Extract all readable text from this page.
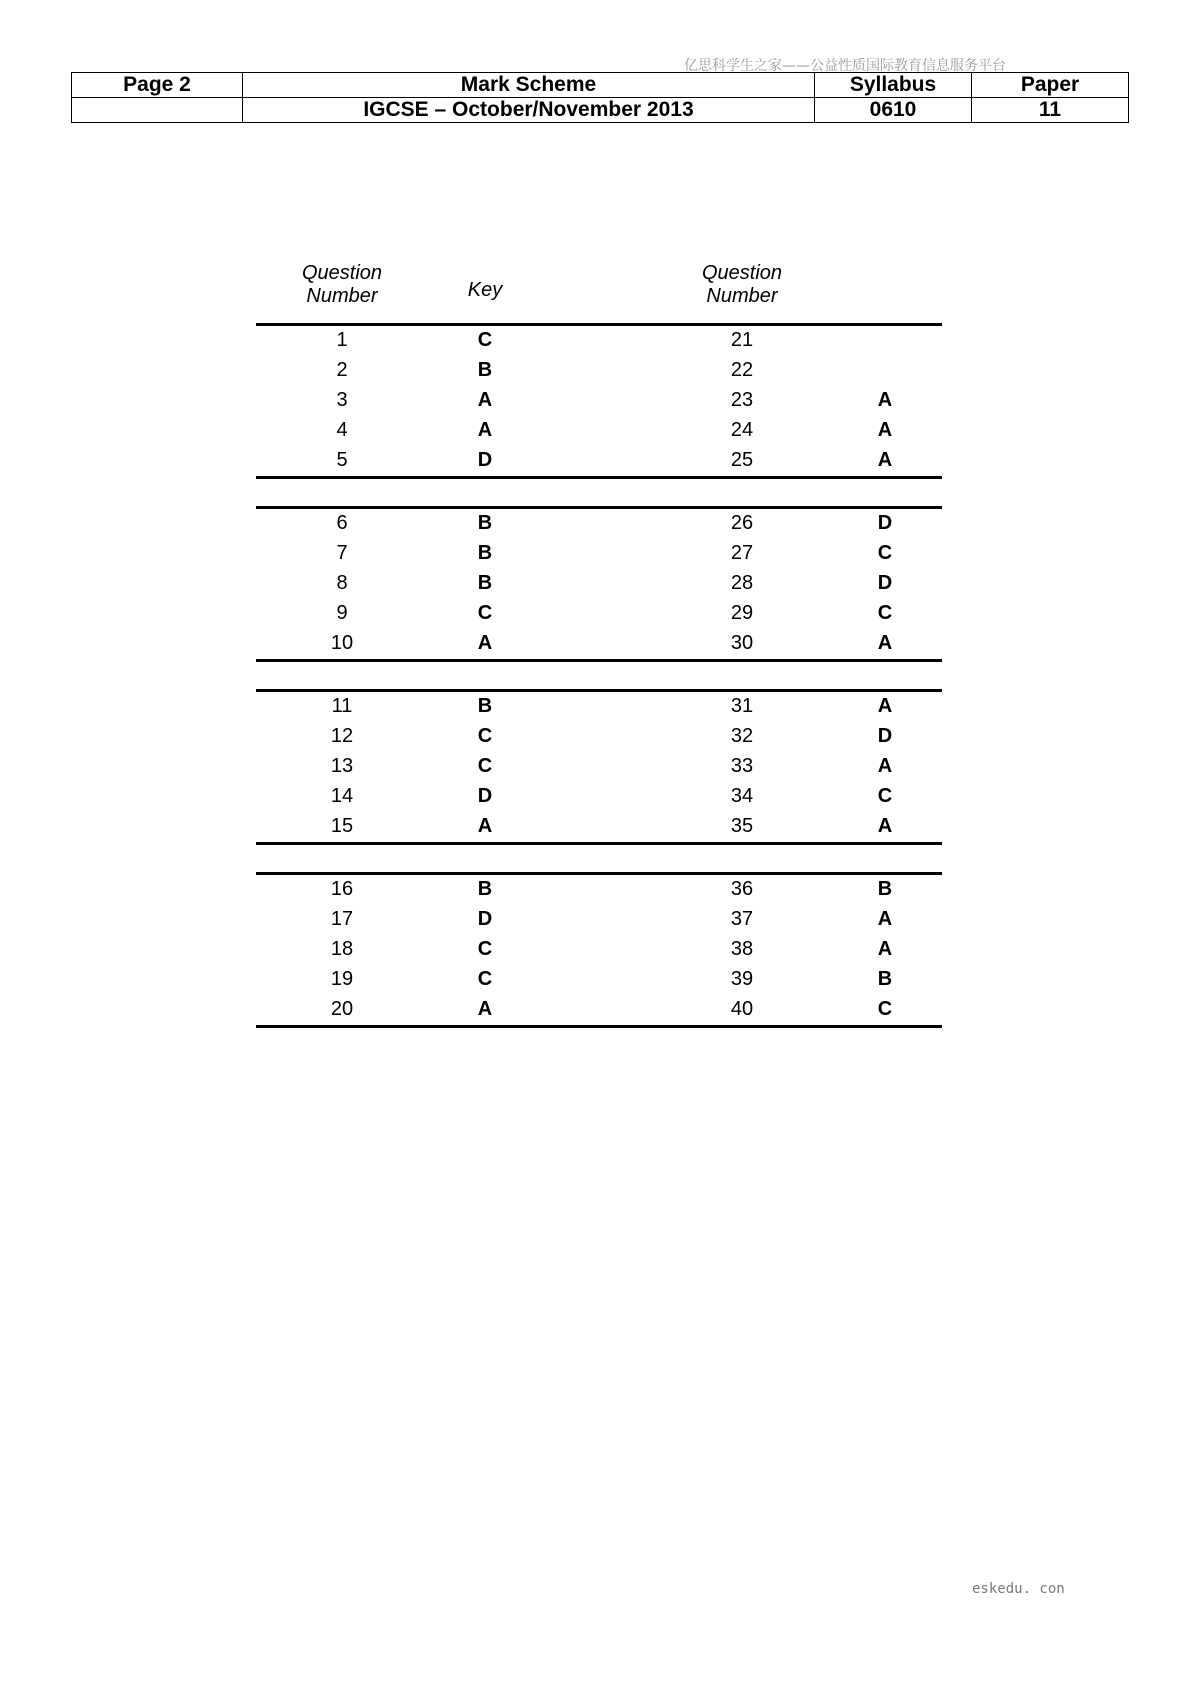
亿思科学生之家——公益性质国际教育信息服务平台
Page 2	Mark Scheme	Syllabus	Paper
	IGCSE – October/November 2013	0610	11
Question
Number	Key
Question
Number
1	C	21
2	B	22
3	A	23	A
4	A	24	A
5	D	25	A
6	B	26	D
7	B	27	C
8	B	28	D
9	C	29	C
10	A	30	A
11	B	31	A
12	C	32	D
13	C	33	A
14	D	34	C
15	A	35	A
16	B	36	B
17	D	37	A
18	C	38	A
19	C	39	B
20	A	40	C
eskedu. con
